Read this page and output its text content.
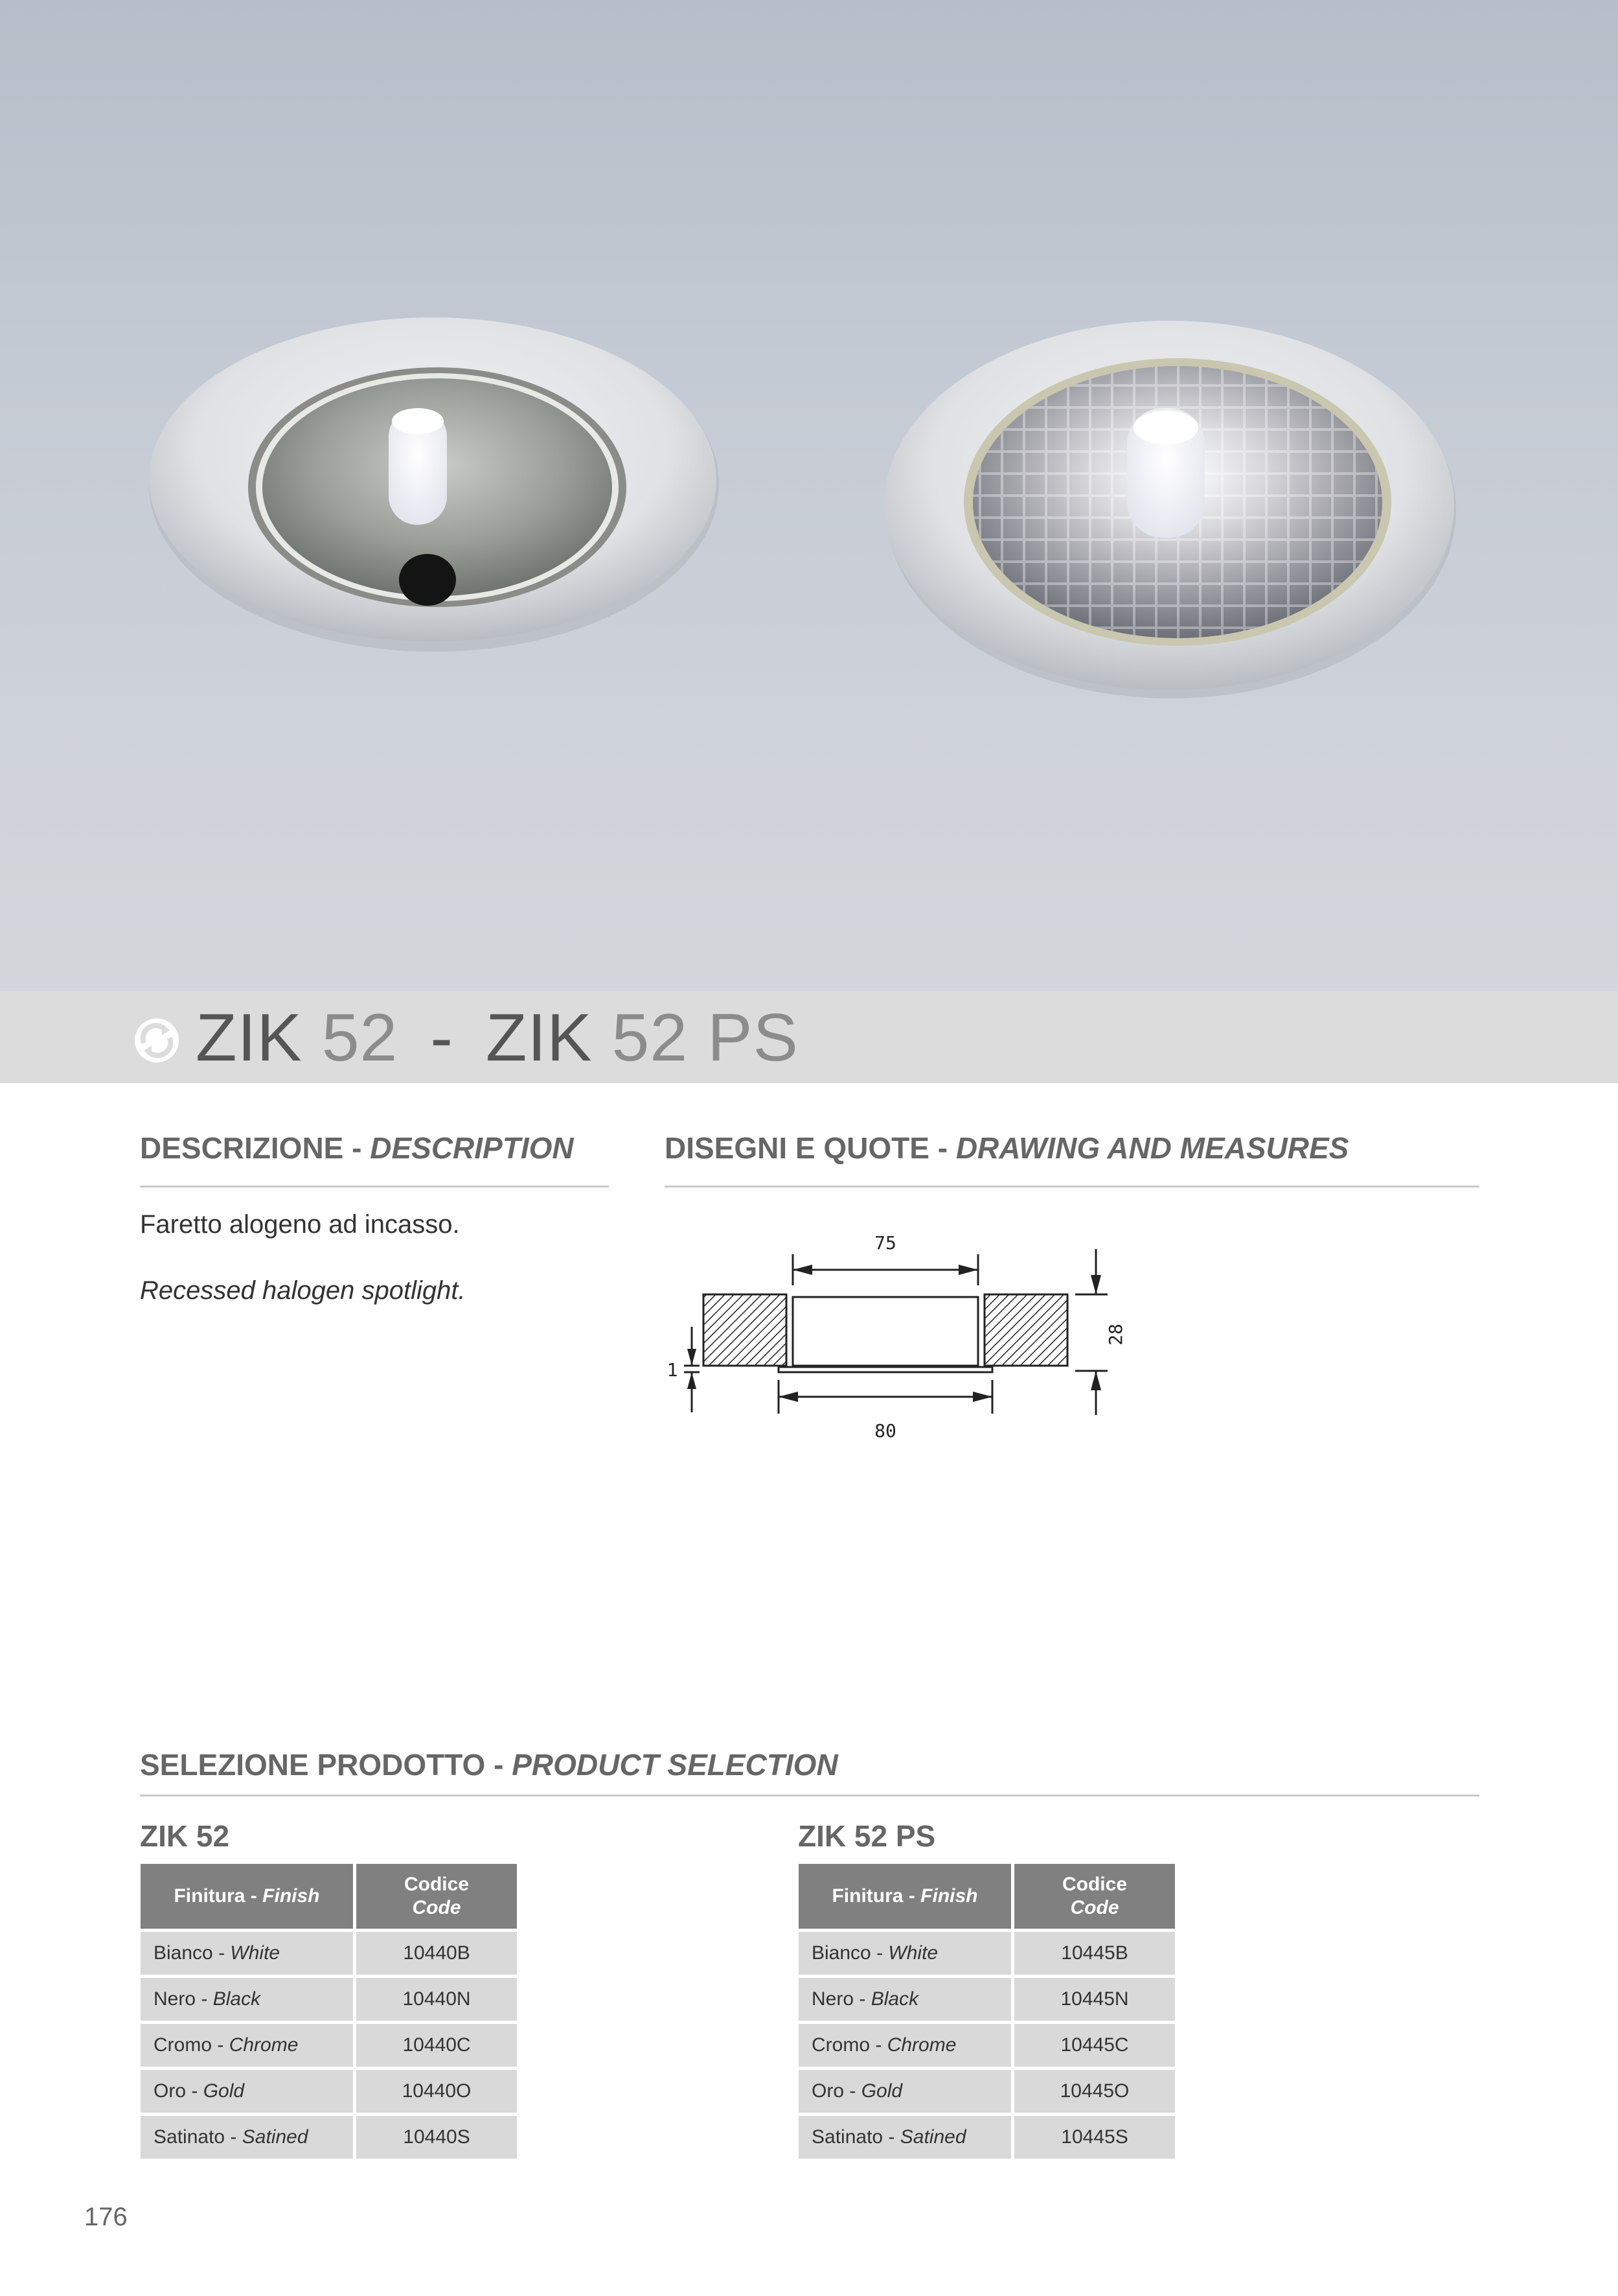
ZIK 52 - ZIK 52 PS
DESCRIZIONE - DESCRIPTION
Faretto alogeno ad incasso.
Recessed halogen spotlight.
DISEGNI E QUOTE - DRAWING AND MEASURES
75
80
28
1
SELEZIONE PRODOTTO - PRODUCT SELECTION
ZIK 52	ZIK 52 PS
Finitura - Finish	Codice
Code
Bianco - White	10440B
Nero - Black	10440N
Cromo - Chrome	10440C
Oro - Gold	10440O
Satinato - Satined	10440S
Finitura - Finish	Codice
Code
Bianco - White	10445B
Nero - Black	10445N
Cromo - Chrome	10445C
Oro - Gold	10445O
Satinato - Satined	10445S
176
